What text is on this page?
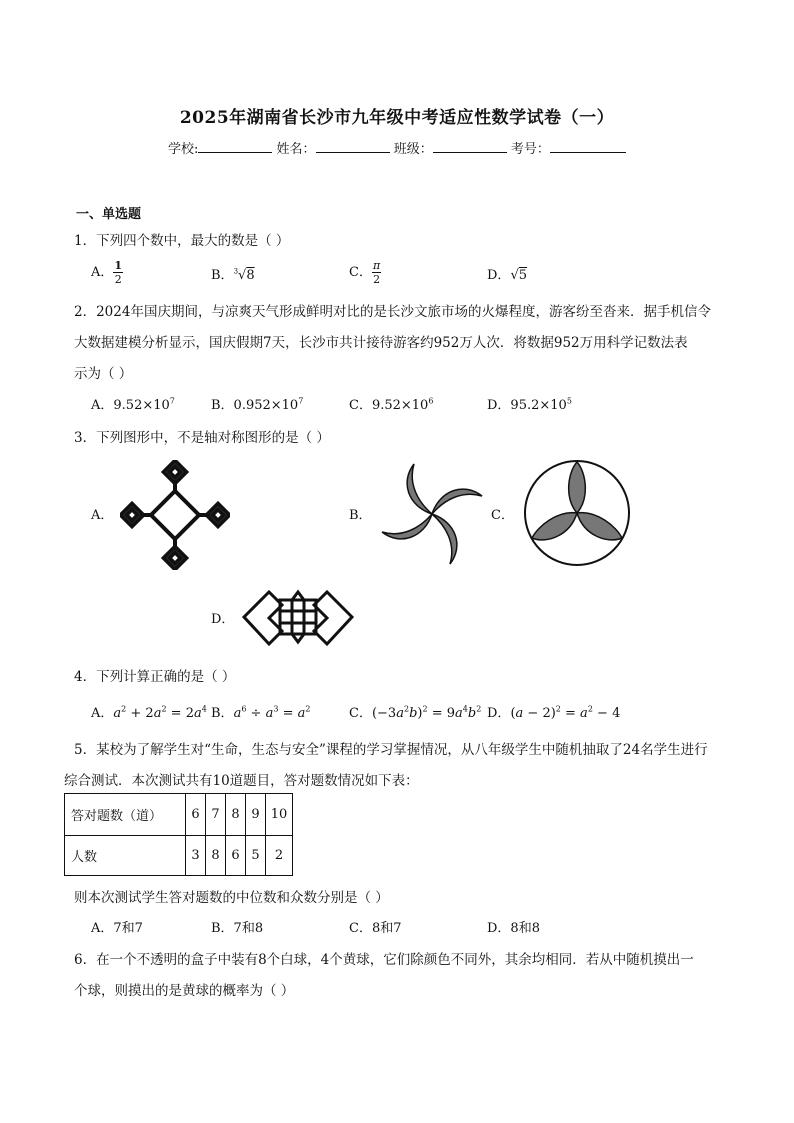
2025年湖南省长沙市九年级中考适应性数学试卷（一）
学校:	姓名：	班级：	考号：
一、单选题
1．下列四个数中，最大的数是（ ）
A． $\frac{1}{2}$	B．$^3$√8	C． $\frac{\pi}{2}$	D．√5
2．2024年国庆期间，与凉爽天气形成鲜明对比的是长沙文旅市场的火爆程度，游客纷至沓来．据手机信令
大数据建模分析显示，国庆假期7天，长沙市共计接待游客约952万人次．将数据952万用科学记数法表
示为（ ）
A．$9.52\times 10^7$	B．$0.952\times 10^7$	C．$9.52\times 10^6$	D．$95.2\times 10^5$
3．下列图形中，不是轴对称图形的是（ ）
A．	B．	C．
D．
4．下列计算正确的是（ ）
A．$a^2 + 2a^2 = 2a^4$ B．$a^6 \div a^3 = a^2$	C．$(-3a^2b)^2 = 9a^4b^2$ D．$(a - 2)^2 = a^2 - 4$
5．某校为了解学生对“生命，生态与安全”课程的学习掌握情况，从八年级学生中随机抽取了24名学生进行
综合测试．本次测试共有10道题目，答对题数情况如下表：
答对题数（道）	6	7	8	9	10
人数	3	8	6	5	2
则本次测试学生答对题数的中位数和众数分别是（ ）
A．7和7	B．7和8	C．8和7	D．8和8
6．在一个不透明的盒子中装有8个白球，4个黄球，它们除颜色不同外，其余均相同．若从中随机摸出一
个球，则摸出的是黄球的概率为（ ）
